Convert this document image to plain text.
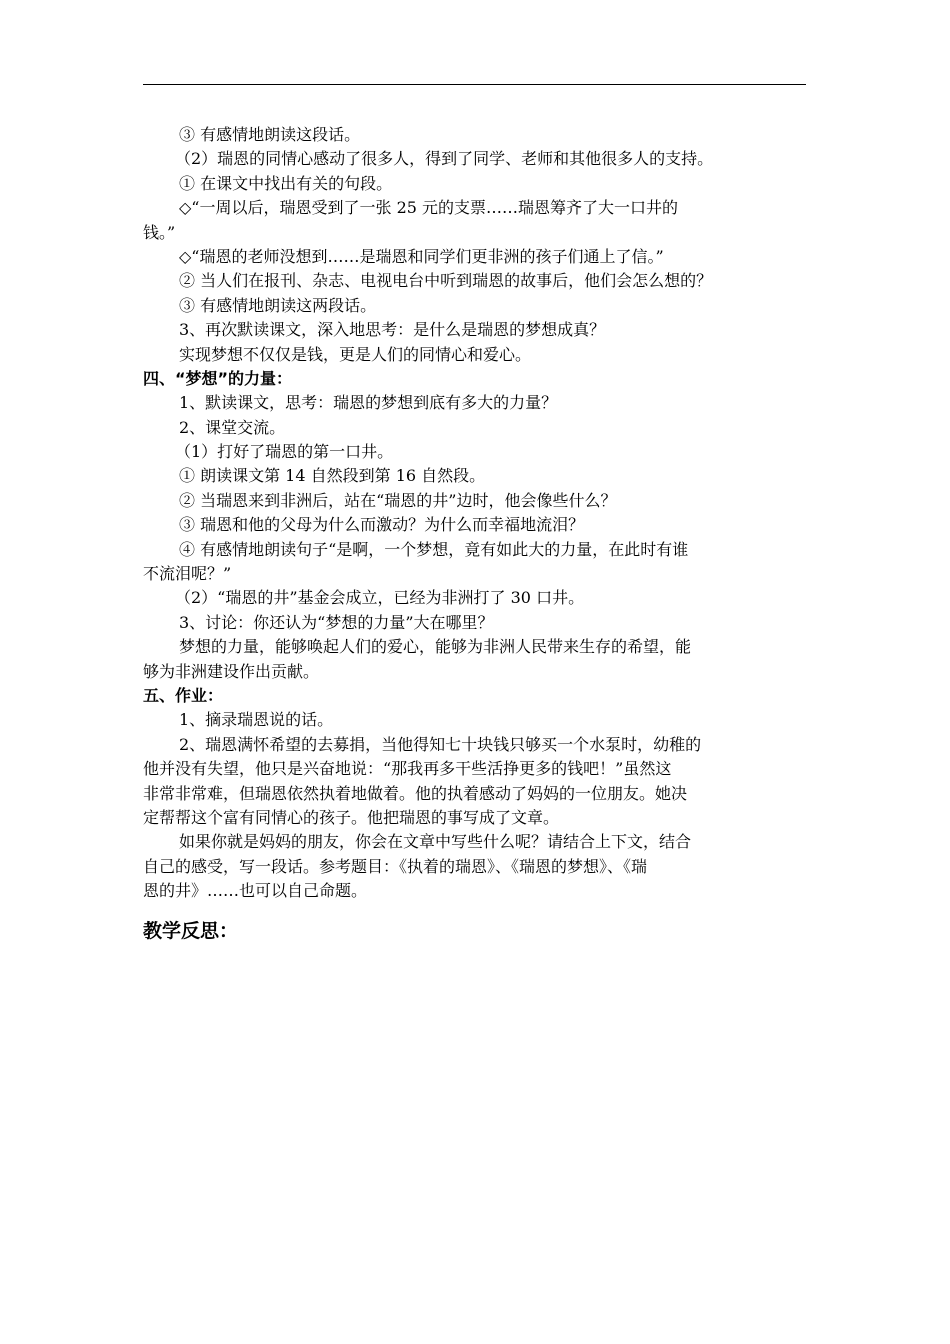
③ 有感情地朗读这段话。
（2）瑞恩的同情心感动了很多人，得到了同学、老师和其他很多人的支持。
① 在课文中找出有关的句段。
◇“一周以后，瑞恩受到了一张 25 元的支票……瑞恩筹齐了大一口井的
钱。”
◇“瑞恩的老师没想到……是瑞恩和同学们更非洲的孩子们通上了信。”
② 当人们在报刊、杂志、电视电台中听到瑞恩的故事后，他们会怎么想的？
③ 有感情地朗读这两段话。
3、再次默读课文，深入地思考：是什么是瑞恩的梦想成真？
实现梦想不仅仅是钱，更是人们的同情心和爱心。
四、“梦想”的力量：
1、默读课文，思考：瑞恩的梦想到底有多大的力量？
2、课堂交流。
（1）打好了瑞恩的第一口井。
① 朗读课文第 14 自然段到第 16 自然段。
② 当瑞恩来到非洲后，站在“瑞恩的井”边时，他会像些什么？
③ 瑞恩和他的父母为什么而激动？为什么而幸福地流泪？
④ 有感情地朗读句子“是啊，一个梦想，竟有如此大的力量，在此时有谁
不流泪呢？”
（2）“瑞恩的井”基金会成立，已经为非洲打了 30 口井。
3、讨论：你还认为“梦想的力量”大在哪里？
梦想的力量，能够唤起人们的爱心，能够为非洲人民带来生存的希望，能
够为非洲建设作出贡献。
五、作业：
1、摘录瑞恩说的话。
2、瑞恩满怀希望的去募捐，当他得知七十块钱只够买一个水泵时，幼稚的
他并没有失望，他只是兴奋地说：“那我再多干些活挣更多的钱吧！”虽然这
非常非常难，但瑞恩依然执着地做着。他的执着感动了妈妈的一位朋友。她决
定帮帮这个富有同情心的孩子。他把瑞恩的事写成了文章。
如果你就是妈妈的朋友，你会在文章中写些什么呢？请结合上下文，结合
自己的感受，写一段话。参考题目：《执着的瑞恩》、《瑞恩的梦想》、《瑞
恩的井》……也可以自己命题。
教学反思：
